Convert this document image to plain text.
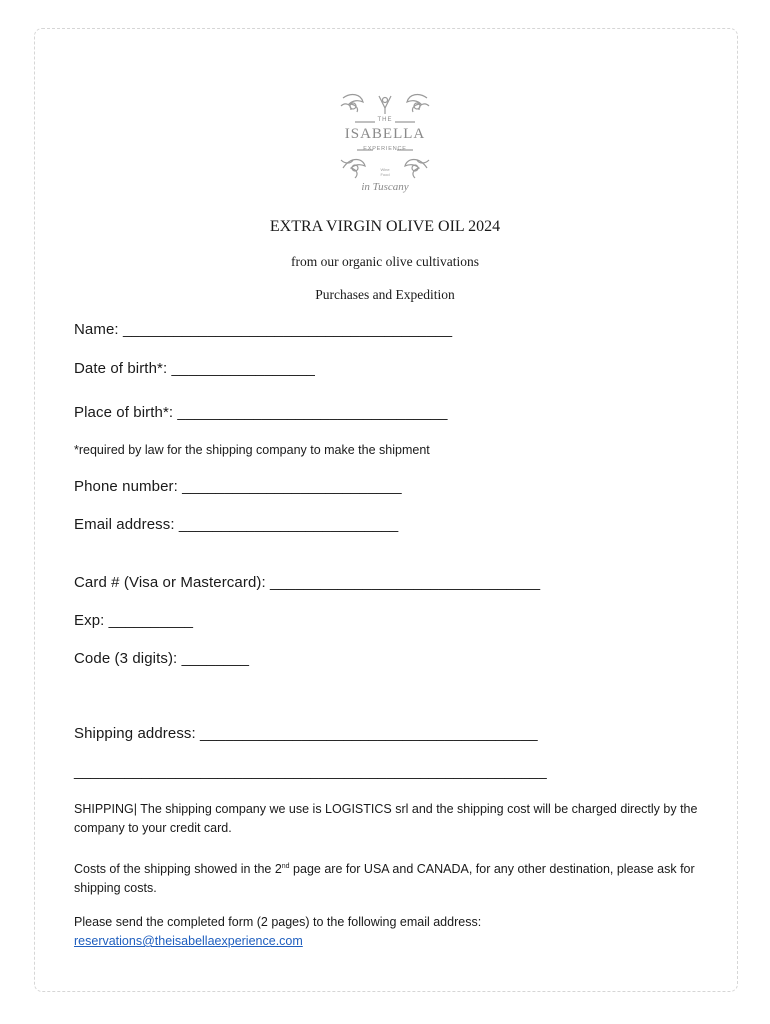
THE
ISABELLA
EXPERIENCE
Wine
Food
in Tuscany
EXTRA VIRGIN OLIVE OIL 2024
from our organic olive cultivations
Purchases and Expedition
Name: _______________________________________
Date of birth*: _________________
Place of birth*: ________________________________
*required by law for the shipping company to make the shipment
Phone number: __________________________
Email address: __________________________
Card # (Visa or Mastercard): ________________________________
Exp: __________
Code (3 digits): ________
Shipping address: ________________________________________
________________________________________________________
SHIPPING| The shipping company we use is LOGISTICS srl and the shipping cost will be charged directly by the company to your credit card.
Costs of the shipping showed in the 2nd page are for USA and CANADA, for any other destination, please ask for shipping costs.
Please send the completed form (2 pages) to the following email address:
reservations@theisabellaexperience.com
